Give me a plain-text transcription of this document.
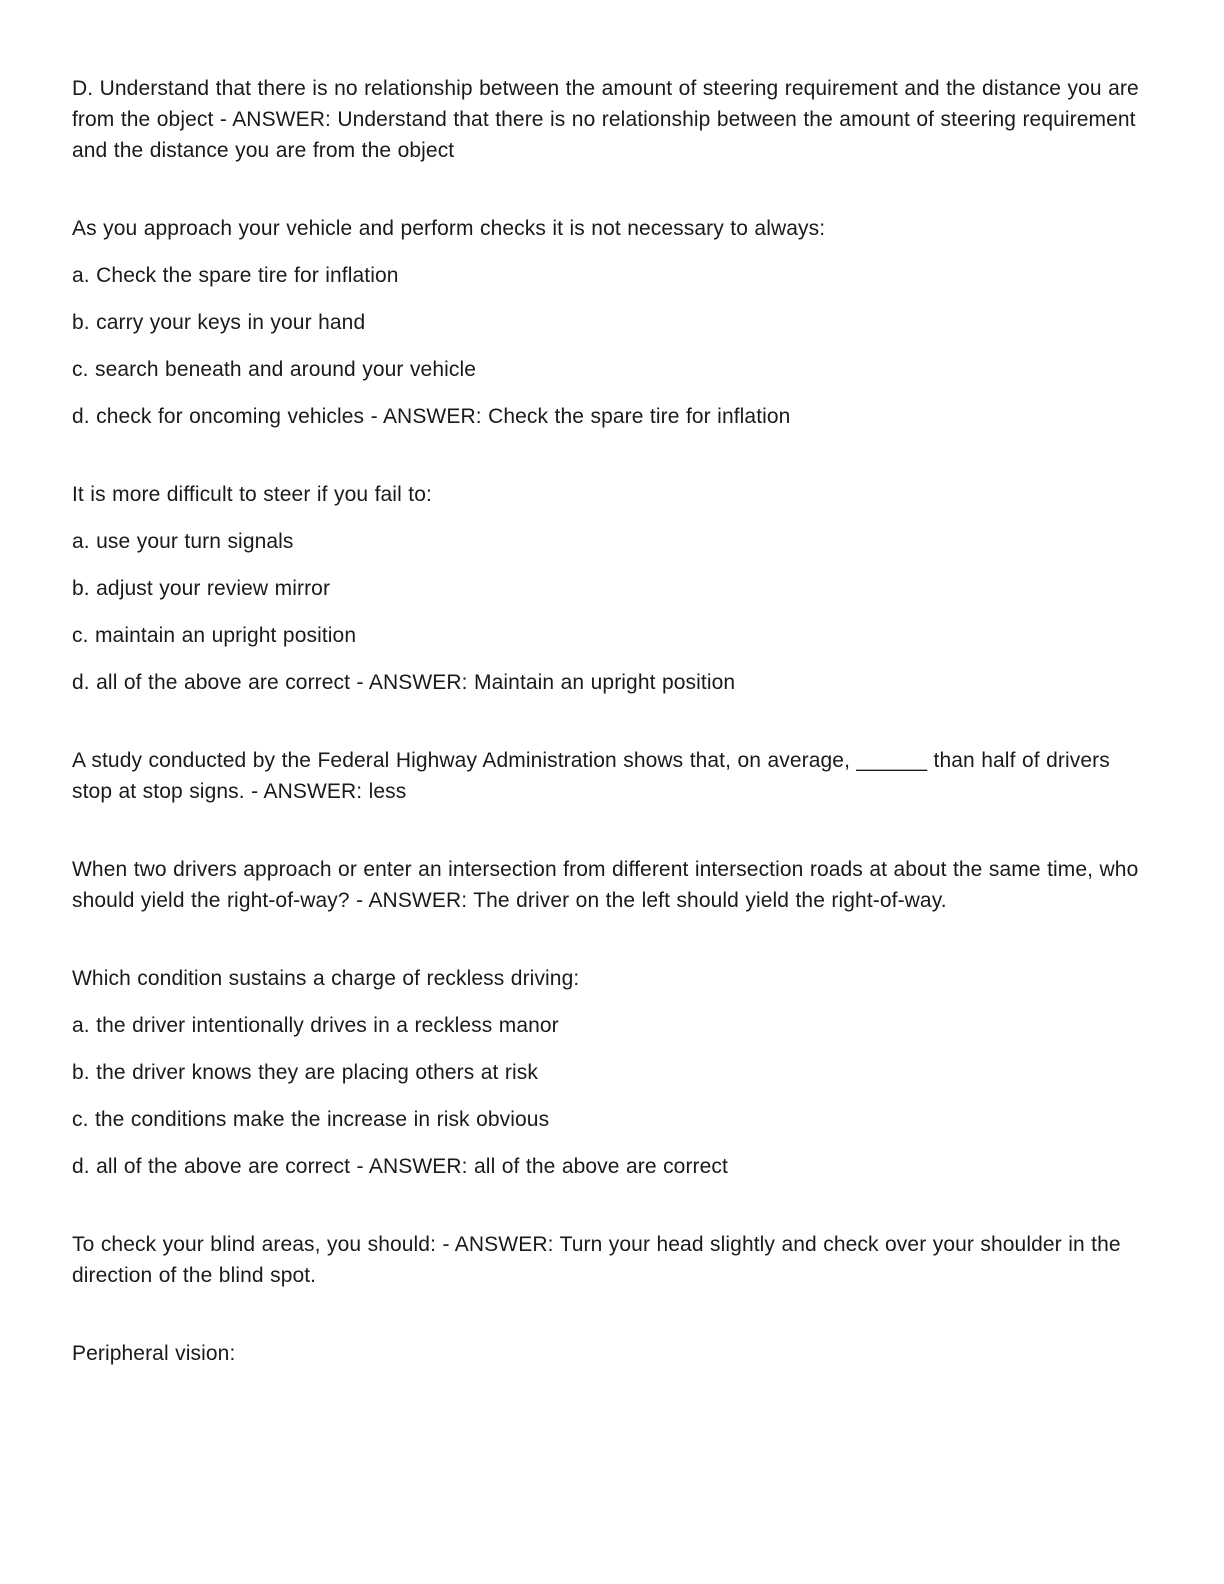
D. Understand that there is no relationship between the amount of steering requirement and the distance you are from the object - ANSWER: Understand that there is no relationship between the amount of steering requirement and the distance you are from the object

As you approach your vehicle and perform checks it is not necessary to always:

a. Check the spare tire for inflation

b. carry your keys in your hand

c. search beneath and around your vehicle

d. check for oncoming vehicles - ANSWER: Check the spare tire for inflation

It is more difficult to steer if you fail to:

a. use your turn signals

b. adjust your review mirror

c. maintain an upright position

d. all of the above are correct - ANSWER: Maintain an upright position

A study conducted by the Federal Highway Administration shows that, on average, ______ than half of drivers stop at stop signs. - ANSWER: less

When two drivers approach or enter an intersection from different intersection roads at about the same time, who should yield the right-of-way? - ANSWER: The driver on the left should yield the right-of-way.

Which condition sustains a charge of reckless driving:

a. the driver intentionally drives in a reckless manor

b. the driver knows they are placing others at risk

c. the conditions make the increase in risk obvious

d. all of the above are correct - ANSWER: all of the above are correct

To check your blind areas, you should: - ANSWER: Turn your head slightly and check over your shoulder in the direction of the blind spot.

Peripheral vision:
